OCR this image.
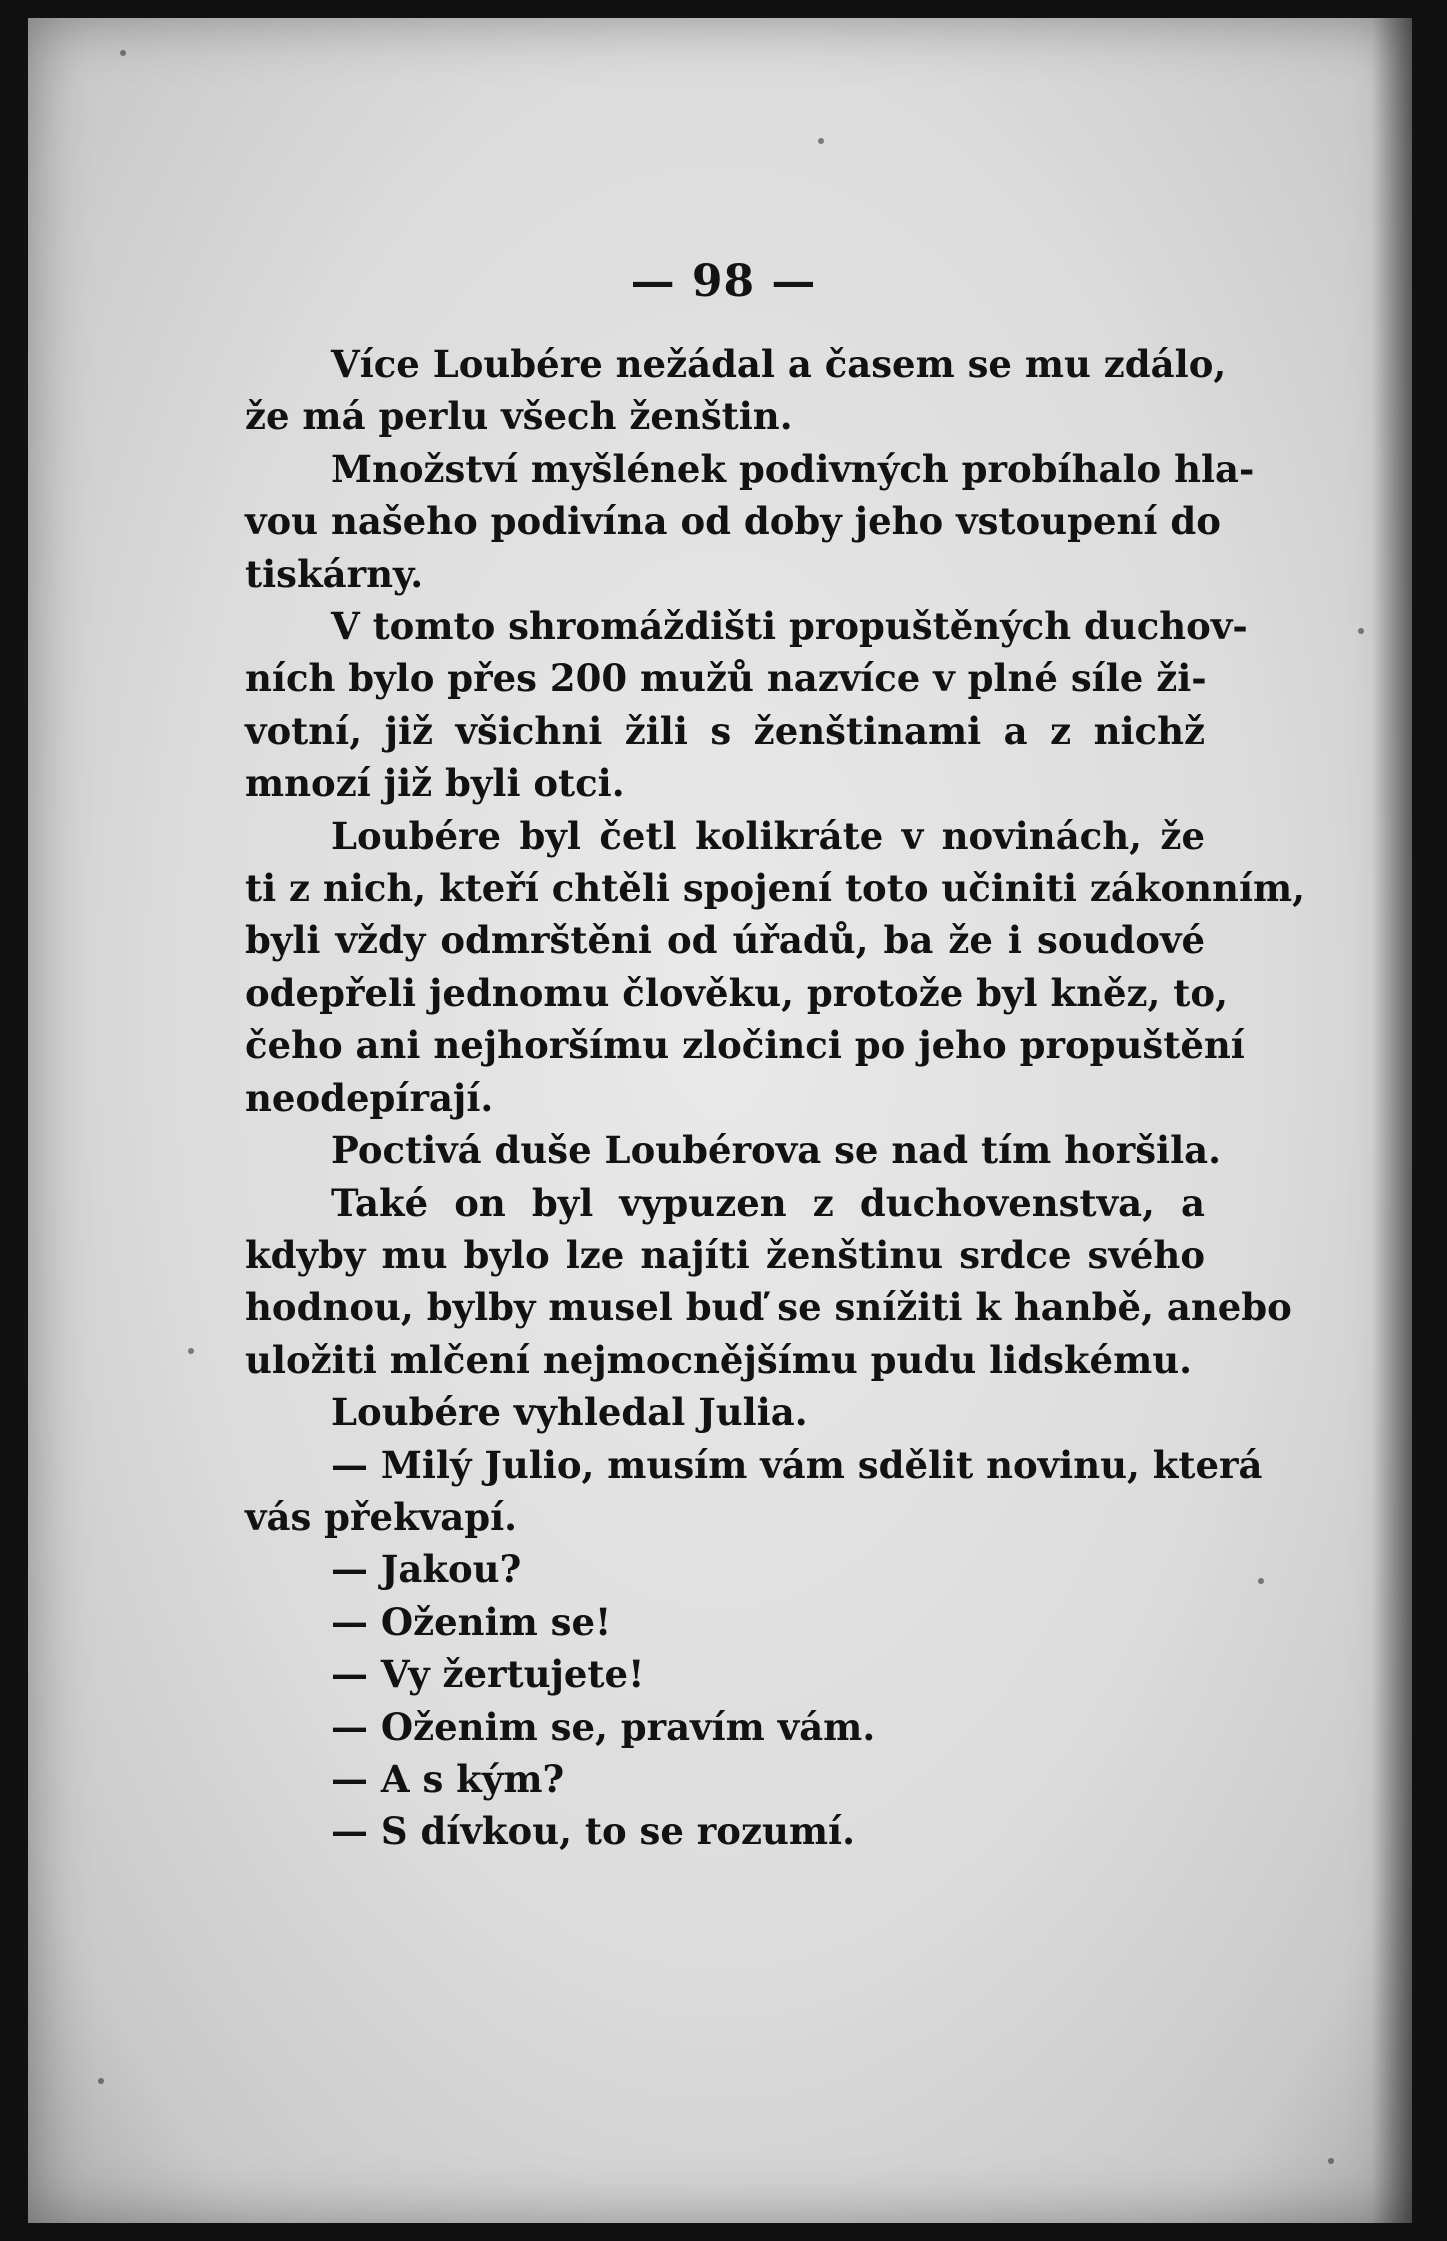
— 98 —
Více Loubére nežádal a časem se mu zdálo,
že má perlu všech ženštin.
Množství myšlének podivných probíhalo hla-
vou našeho podivína od doby jeho vstoupení do
tiskárny.
V tomto shromáždišti propuštěných duchov-
ních bylo přes 200 mužů nazvíce v plné síle ži-
votní, již všichni žili s ženštinami a z nichž
mnozí již byli otci.
Loubére byl četl kolikráte v novinách, že
ti z nich, kteří chtěli spojení toto učiniti zákonním,
byli vždy odmrštěni od úřadů, ba že i soudové
odepřeli jednomu člověku, protože byl kněz, to,
čeho ani nejhoršímu zločinci po jeho propuštění
neodepírají.
Poctivá duše Loubérova se nad tím horšila.
Také on byl vypuzen z duchovenstva, a
kdyby mu bylo lze najíti ženštinu srdce svého
hodnou, bylby musel buď se snížiti k hanbě, anebo
uložiti mlčení nejmocnějšímu pudu lidskému.
Loubére vyhledal Julia.
— Milý Julio, musím vám sdělit novinu, která
vás překvapí.
— Jakou?
— Oženim se!
— Vy žertujete!
— Oženim se, pravím vám.
— A s kým?
— S dívkou, to se rozumí.
